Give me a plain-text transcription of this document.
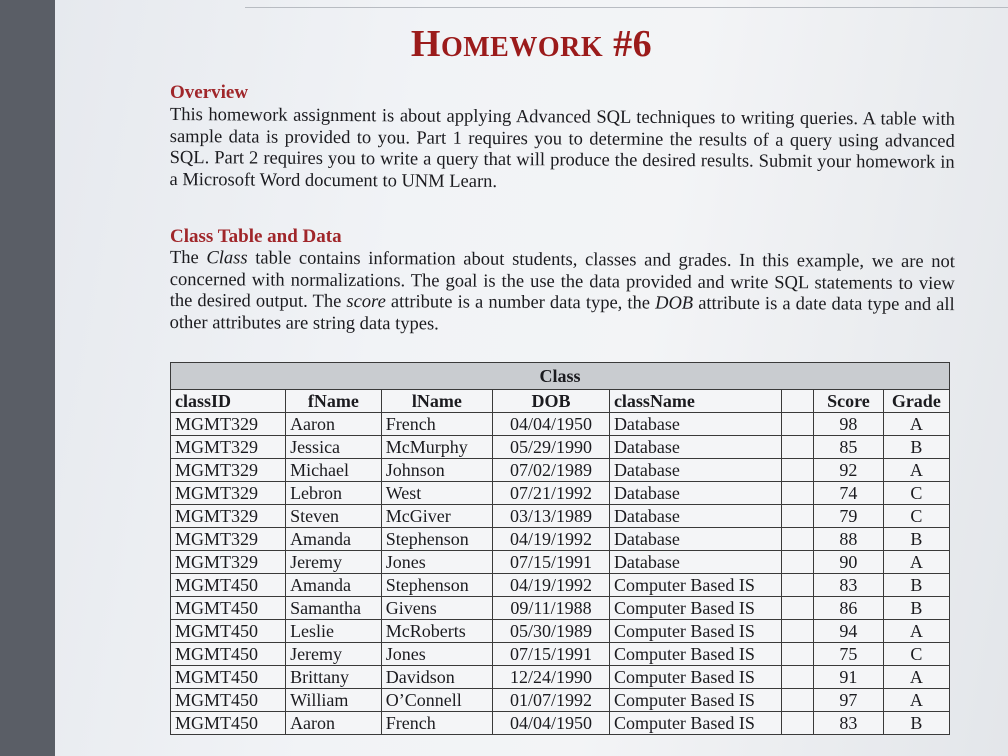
HOMEWORK #6
Overview
This homework assignment is about applying Advanced SQL techniques to writing queries. A table with sample data is provided to you. Part 1 requires you to determine the results of a query using advanced SQL. Part 2 requires you to write a query that will produce the desired results. Submit your homework in a Microsoft Word document to UNM Learn.
Class Table and Data
The Class table contains information about students, classes and grades. In this example, we are not concerned with normalizations. The goal is the use the data provided and write SQL statements to view the desired output. The score attribute is a number data type, the DOB attribute is a date data type and all other attributes are string data types.
Class							
classID	fName	lName	DOB	className		Score	Grade
MGMT329	Aaron	French	04/04/1950	Database		98	A
MGMT329	Jessica	McMurphy	05/29/1990	Database		85	B
MGMT329	Michael	Johnson	07/02/1989	Database		92	A
MGMT329	Lebron	West	07/21/1992	Database		74	C
MGMT329	Steven	McGiver	03/13/1989	Database		79	C
MGMT329	Amanda	Stephenson	04/19/1992	Database		88	B
MGMT329	Jeremy	Jones	07/15/1991	Database		90	A
MGMT450	Amanda	Stephenson	04/19/1992	Computer Based IS		83	B
MGMT450	Samantha	Givens	09/11/1988	Computer Based IS		86	B
MGMT450	Leslie	McRoberts	05/30/1989	Computer Based IS		94	A
MGMT450	Jeremy	Jones	07/15/1991	Computer Based IS		75	C
MGMT450	Brittany	Davidson	12/24/1990	Computer Based IS		91	A
MGMT450	William	O’Connell	01/07/1992	Computer Based IS		97	A
MGMT450	Aaron	French	04/04/1950	Computer Based IS		83	B
